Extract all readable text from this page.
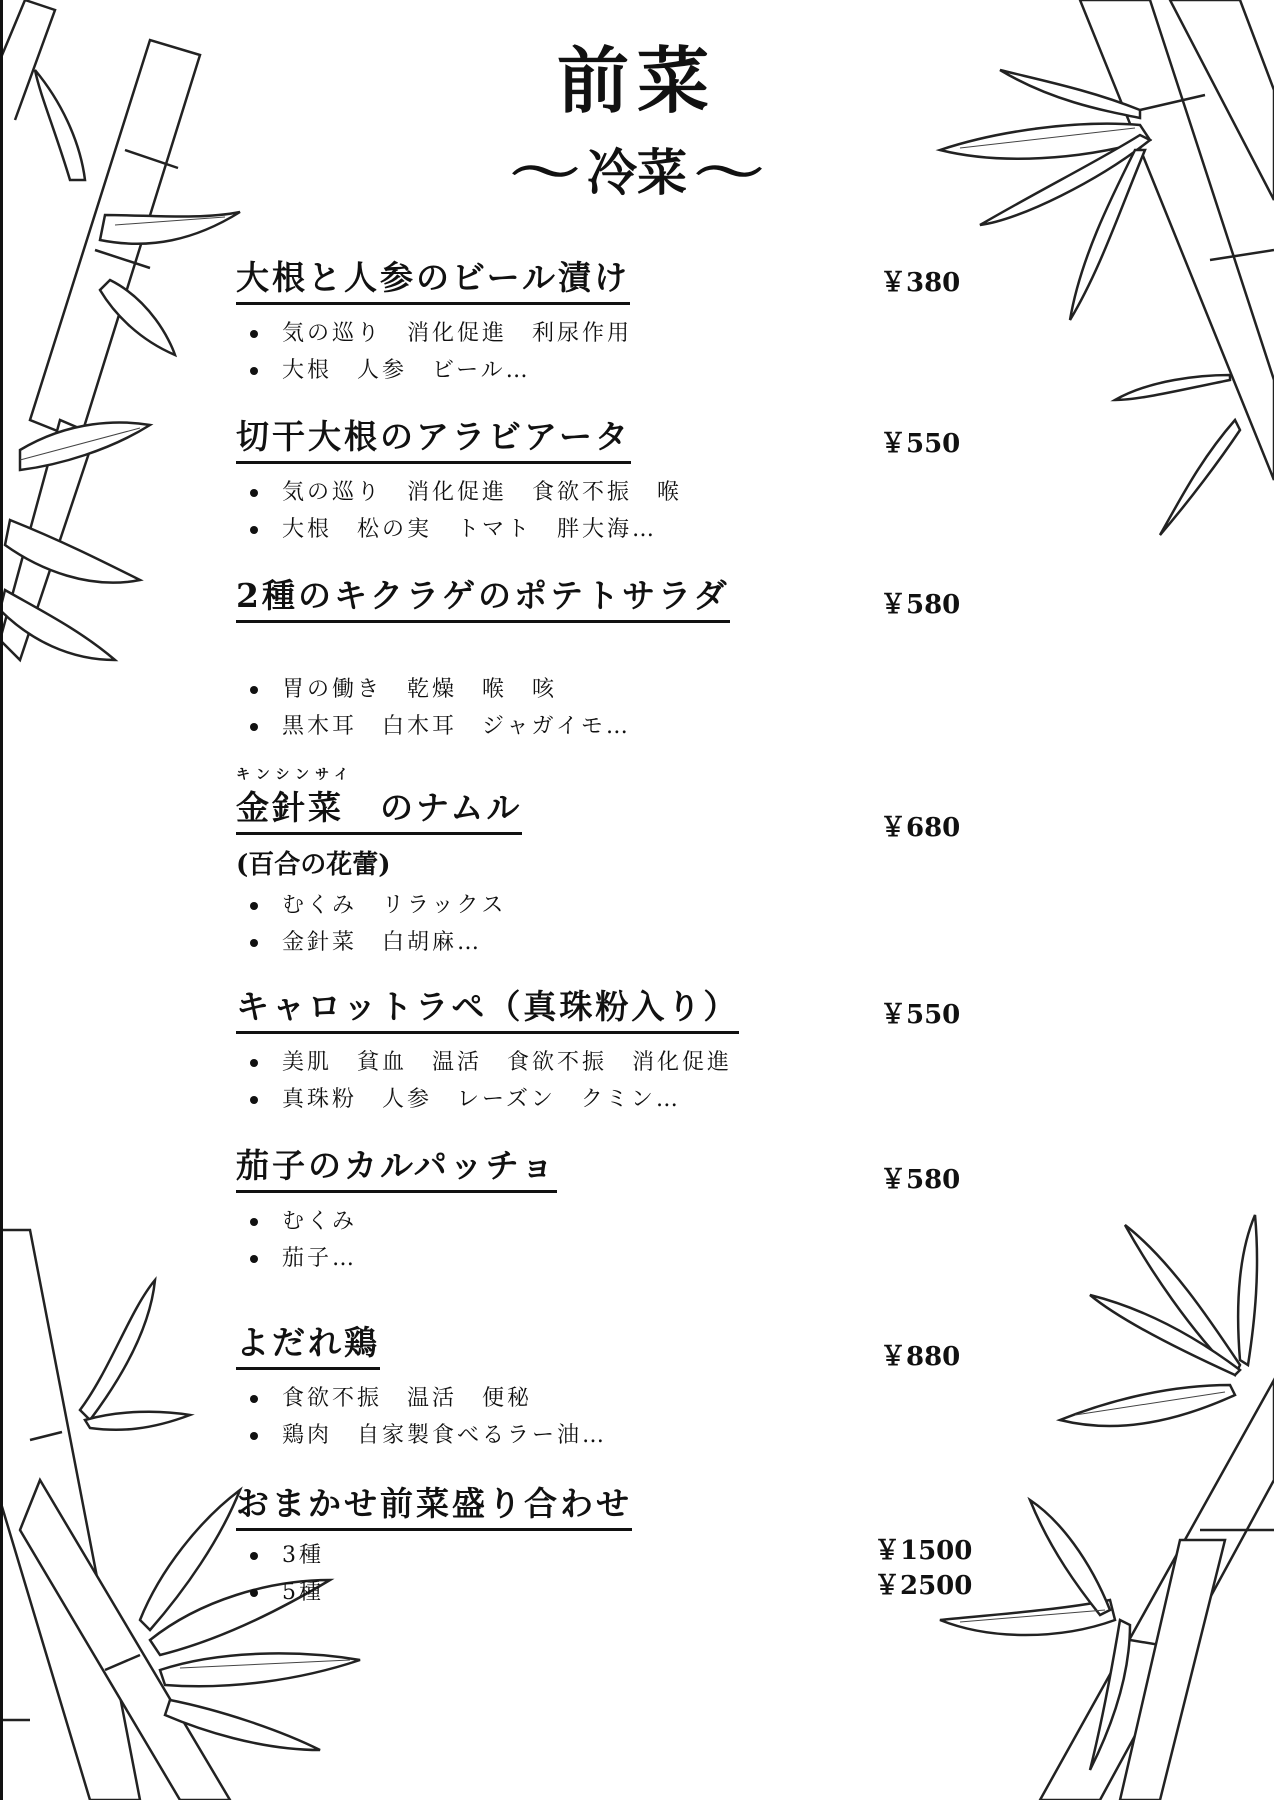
前菜
〜 冷菜 〜
大根と人参のビール漬け
気の巡り　消化促進　利尿作用
大根　人参　ビール…
￥380
切干大根のアラビアータ
気の巡り　消化促進　食欲不振　喉
大根　松の実　トマト　胖大海…
￥550
2種のキクラゲのポテトサラダ
胃の働き　乾燥　喉　咳
黒木耳　白木耳　ジャガイモ…
￥580
キンシンサイ
金針菜　のナムル
(百合の花蕾)
むくみ　リラックス
金針菜　白胡麻…
￥680
キャロットラペ（真珠粉入り）
美肌　貧血　温活　食欲不振　消化促進
真珠粉　人参　レーズン　クミン…
￥550
茄子のカルパッチョ
むくみ
茄子…
￥580
よだれ鶏
食欲不振　温活　便秘
鶏肉　自家製食べるラー油…
￥880
おまかせ前菜盛り合わせ
3種
5種
￥1500
￥2500
